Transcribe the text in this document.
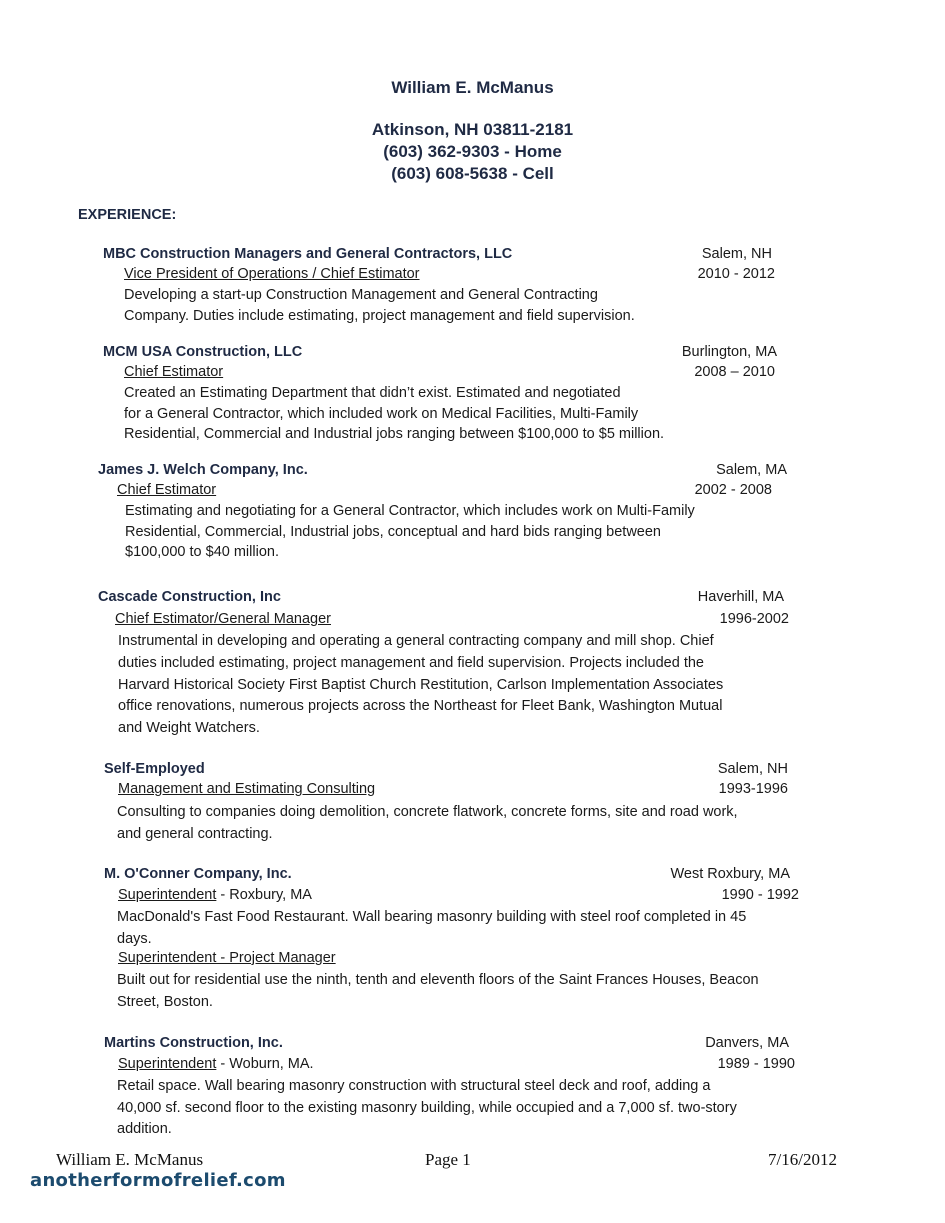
William E. McManus
Atkinson, NH 03811-2181
(603) 362-9303 - Home
(603) 608-5638 - Cell
EXPERIENCE:
MBC Construction Managers and General Contractors, LLC	Salem, NH
Vice President of Operations / Chief Estimator	2010 - 2012
Developing a start-up Construction Management and General Contracting
Company. Duties include estimating, project management and field supervision.
MCM USA Construction, LLC	Burlington, MA
Chief Estimator	2008 – 2010
Created an Estimating Department that didn’t exist. Estimated and negotiated
for a General Contractor, which included work on Medical Facilities, Multi-Family
Residential, Commercial and Industrial jobs ranging between $100,000 to $5 million.
James J. Welch Company, Inc.	Salem, MA
Chief Estimator	2002 - 2008
Estimating and negotiating for a General Contractor, which includes work on Multi-Family
Residential, Commercial, Industrial jobs, conceptual and hard bids ranging between
$100,000 to $40 million.
Cascade Construction, Inc	Haverhill, MA
Chief Estimator/General Manager	1996-2002
Instrumental in developing and operating a general contracting company and mill shop. Chief
duties included estimating, project management and field supervision. Projects included the
Harvard Historical Society First Baptist Church Restitution, Carlson Implementation Associates
office renovations, numerous projects across the Northeast for Fleet Bank, Washington Mutual
and Weight Watchers.
Self-Employed	Salem, NH
Management and Estimating Consulting	1993-1996
Consulting to companies doing demolition, concrete flatwork, concrete forms, site and road work,
and general contracting.
M. O'Conner Company, Inc.	West Roxbury, MA
Superintendent - Roxbury, MA	1990 - 1992
MacDonald's Fast Food Restaurant. Wall bearing masonry building with steel roof completed in 45
days.
Superintendent - Project Manager
Built out for residential use the ninth, tenth and eleventh floors of the Saint Frances Houses, Beacon
Street, Boston.
Martins Construction, Inc.	Danvers, MA
Superintendent - Woburn, MA.	1989 - 1990
Retail space. Wall bearing masonry construction with structural steel deck and roof, adding a
40,000 sf. second floor to the existing masonry building, while occupied and a 7,000 sf. two-story
addition.
William E. McManus	Page 1	7/16/2012
anotherformofrelief.com
